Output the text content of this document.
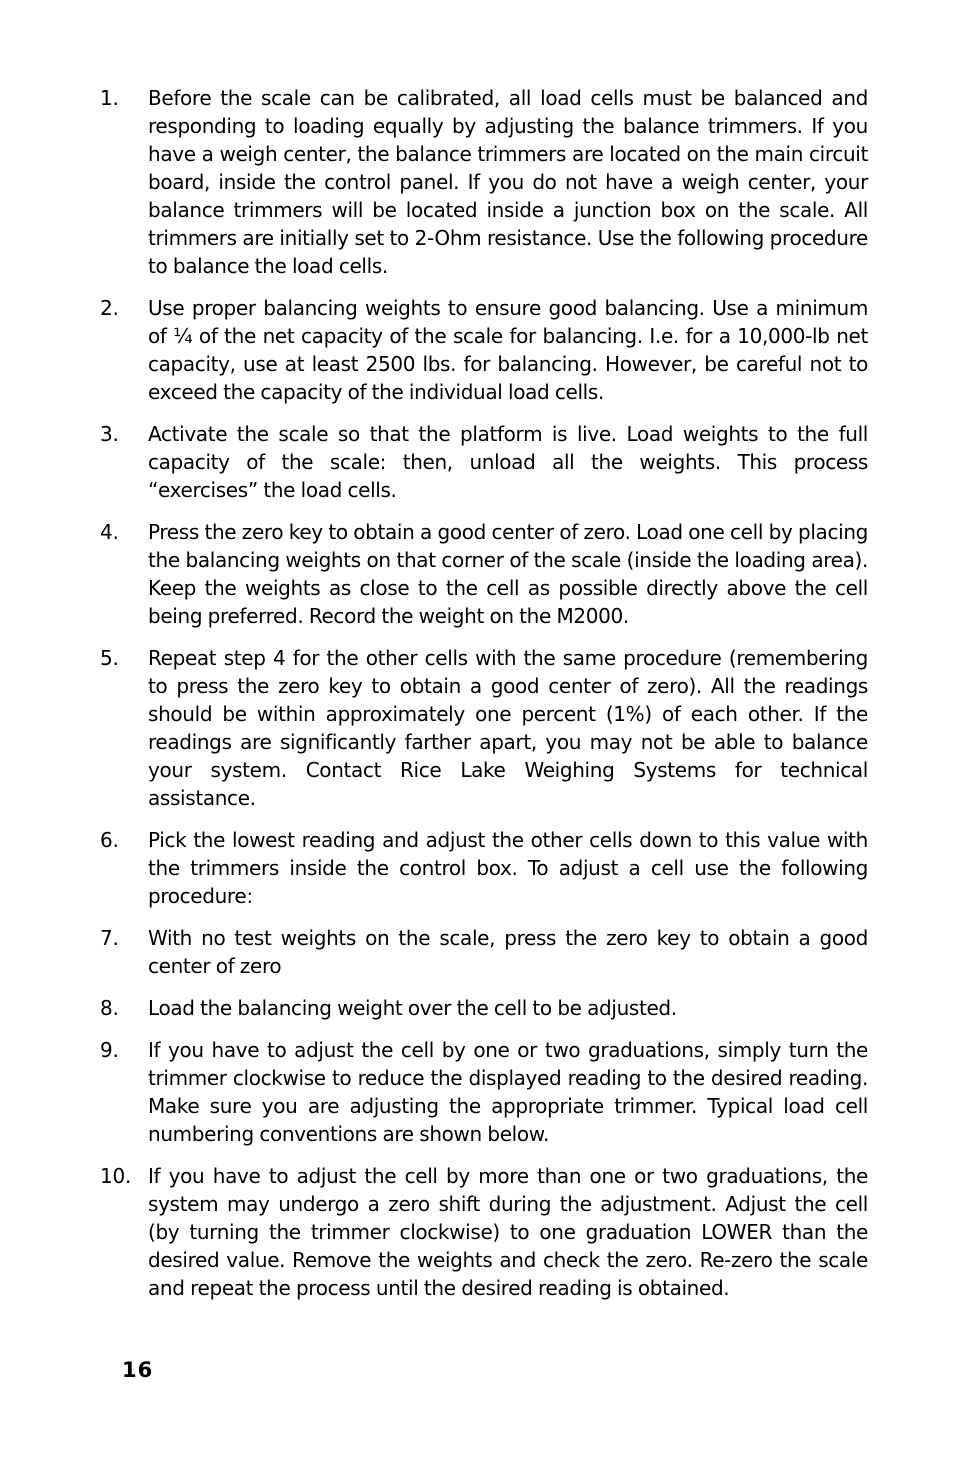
1.	Before the scale can be calibrated, all load cells must be balanced and responding to loading equally by adjusting the balance trimmers. If you have a weigh center, the balance trimmers are located on the main circuit board, inside the control panel. If you do not have a weigh center, your balance trimmers will be located inside a junction box on the scale. All trimmers are initially set to 2-Ohm resistance. Use the following procedure to balance the load cells.
2.	Use proper balancing weights to ensure good balancing. Use a minimum of ¼ of the net capacity of the scale for balancing. I.e. for a 10,000-lb net capacity, use at least 2500 lbs. for balancing. However, be careful not to exceed the capacity of the individual load cells.
3.	Activate the scale so that the platform is live. Load weights to the full capacity of the scale: then, unload all the weights. This process “exercises” the load cells.
4.	Press the zero key to obtain a good center of zero. Load one cell by placing the balancing weights on that corner of the scale (inside the loading area). Keep the weights as close to the cell as possible directly above the cell being preferred. Record the weight on the M2000.
5.	Repeat step 4 for the other cells with the same procedure (remembering to press the zero key to obtain a good center of zero). All the readings should be within approximately one percent (1%) of each other. If the readings are significantly farther apart, you may not be able to balance your system. Contact Rice Lake Weighing Systems for technical assistance.
6.	Pick the lowest reading and adjust the other cells down to this value with the trimmers inside the control box. To adjust a cell use the following procedure:
7.	With no test weights on the scale, press the zero key to obtain a good center of zero
8.	Load the balancing weight over the cell to be adjusted.
9.	If you have to adjust the cell by one or two graduations, simply turn the trimmer clockwise to reduce the displayed reading to the desired reading. Make sure you are adjusting the appropriate trimmer. Typical load cell numbering conventions are shown below.
10. If you have to adjust the cell by more than one or two graduations, the system may undergo a zero shift during the adjustment. Adjust the cell (by turning the trimmer clockwise) to one graduation LOWER than the desired value. Remove the weights and check the zero. Re-zero the scale and repeat the process until the desired reading is obtained.
16
